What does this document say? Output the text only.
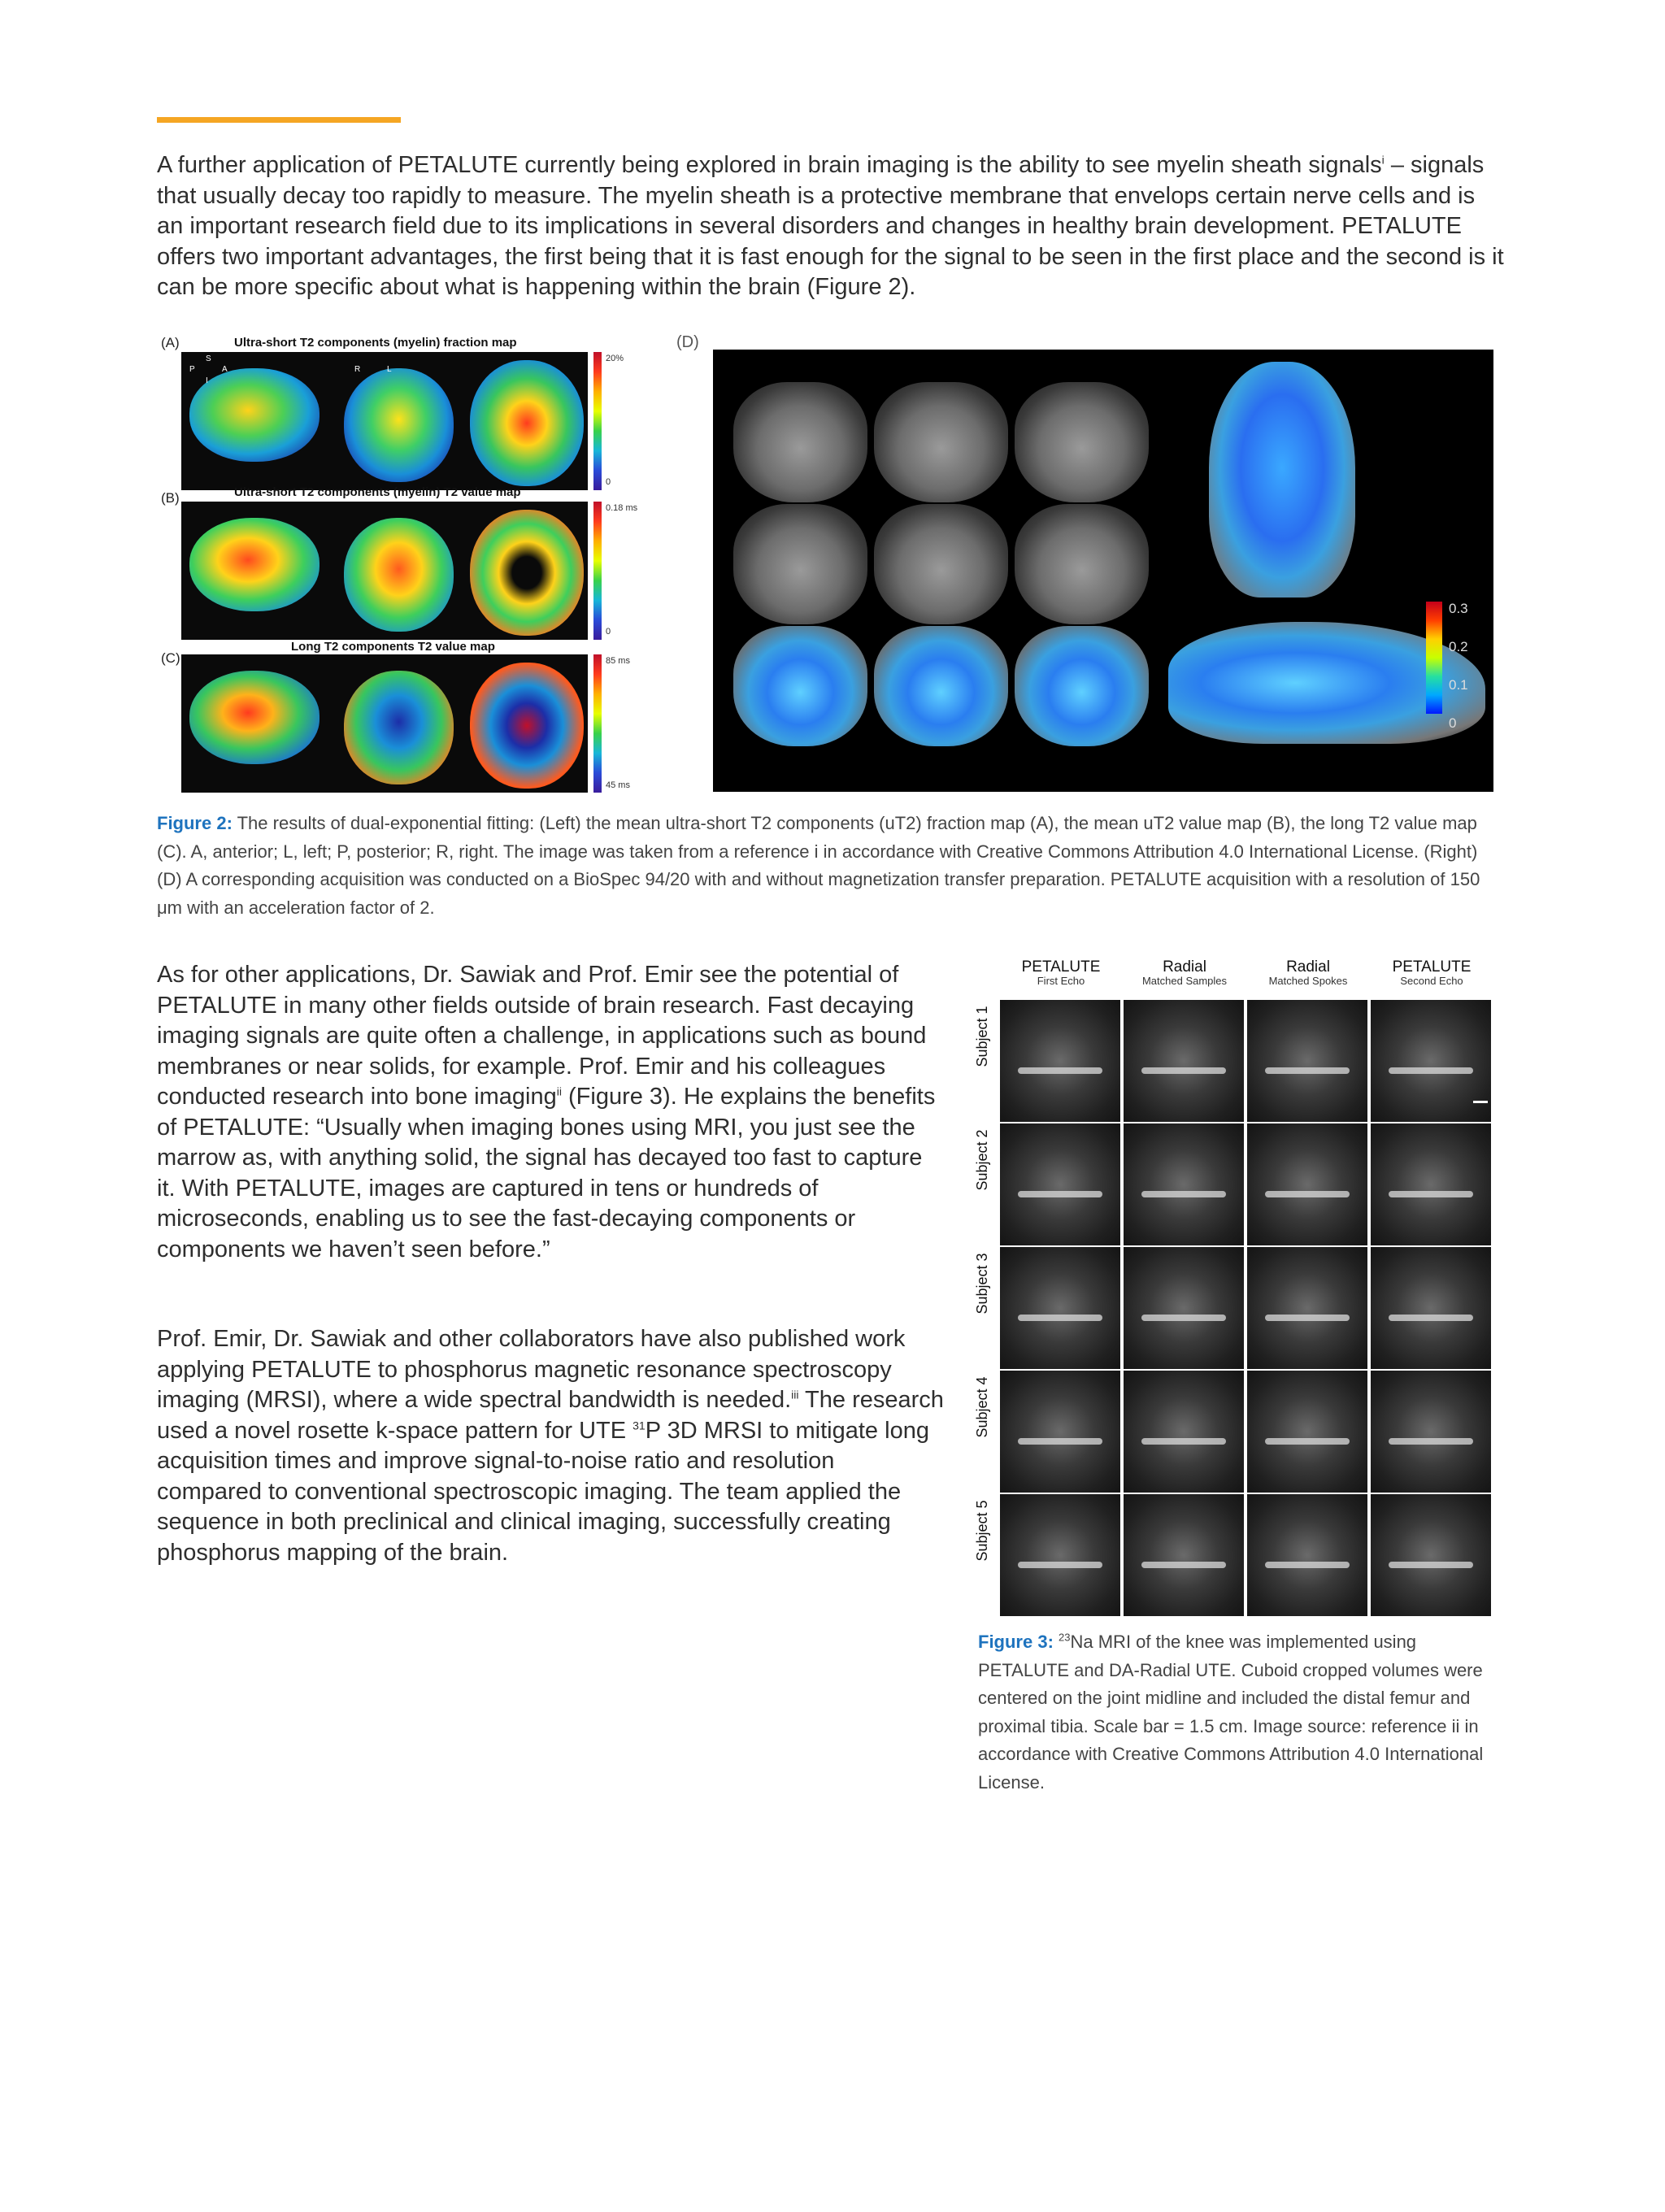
A further application of PETALUTE currently being explored in brain imaging is the ability to see myelin sheath signals$^i$ – signals that usually decay too rapidly to measure. The myelin sheath is a protective membrane that envelops certain nerve cells and is an important research field due to its implications in several disorders and changes in healthy brain development. PETALUTE offers two important advantages, the first being that it is fast enough for the signal to be seen in the first place and the second is it can be more specific about what is happening within the brain (Figure 2).

(A)	Ultra-short T2 components (myelin) fraction map
S
P	A
I
R	L
20%
0
(B)	Ultra-short T2 components (myelin) T2 value map
0.18 ms
0
(C)
Long T2 components T2 value map
85 ms
45 ms
(D)
0.3
0.2
0.1
0

Figure 2: The results of dual-exponential fitting: (Left) the mean ultra-short T2 components (uT2) fraction map (A), the mean uT2 value map (B), the long T2 value map (C). A, anterior; L, left; P, posterior; R, right. The image was taken from a reference i in accordance with Creative Commons Attribution 4.0 International License. (Right) (D) A corresponding acquisition was conducted on a BioSpec 94/20 with and without magnetization transfer preparation. PETALUTE acquisition with a resolution of 150 μm with an acceleration factor of 2.

As for other applications, Dr. Sawiak and Prof. Emir see the potential of PETALUTE in many other fields outside of brain research. Fast decaying imaging signals are quite often a challenge, in applications such as bound membranes or near solids, for example. Prof. Emir and his colleagues conducted research into bone imaging$^{ii}$ (Figure 3). He explains the benefits of PETALUTE: “Usually when imaging bones using MRI, you just see the marrow as, with anything solid, the signal has decayed too fast to capture it. With PETALUTE, images are captured in tens or hundreds of microseconds, enabling us to see the fast-decaying components or components we haven’t seen before.”

Prof. Emir, Dr. Sawiak and other collaborators have also published work applying PETALUTE to phosphorus magnetic resonance spectroscopy imaging (MRSI), where a wide spectral bandwidth is needed.$^{iii}$ The research used a novel rosette k-space pattern for UTE $^{31}$P 3D MRSI to mitigate long acquisition times and improve signal-to-noise ratio and resolution compared to conventional spectroscopic imaging. The team applied the sequence in both preclinical and clinical imaging, successfully creating phosphorus mapping of the brain.

PETALUTE
First Echo
Radial
Matched Samples
Radial
Matched Spokes
PETALUTE
Second Echo
Subject 1
Subject 2
Subject 3
Subject 4
Subject 5

Figure 3: $^{23}$Na MRI of the knee was implemented using PETALUTE and DA-Radial UTE. Cuboid cropped volumes were centered on the joint midline and included the distal femur and proximal tibia. Scale bar = 1.5 cm. Image source: reference ii in accordance with Creative Commons Attribution 4.0 International License.
